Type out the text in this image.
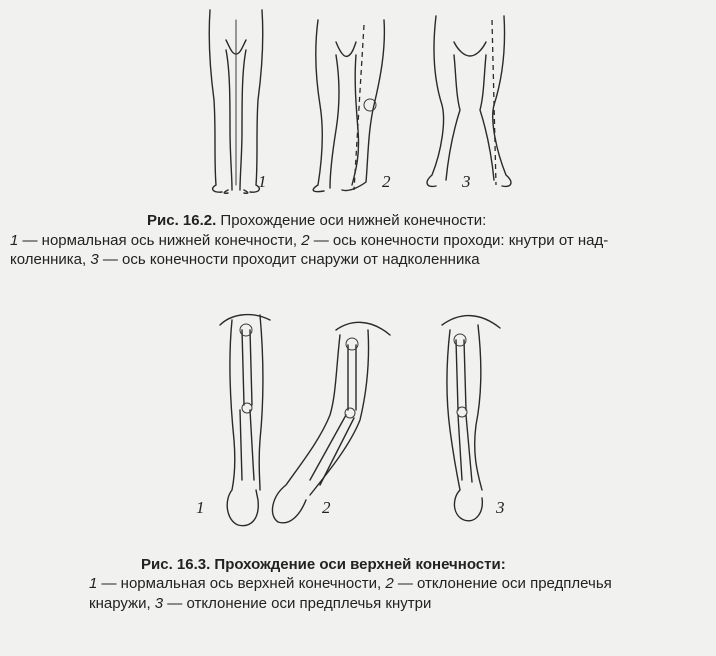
1	2	3
Рис. 16.2. Прохождение оси нижней конечности:
1 — нормальная ось нижней конечности, 2 — ось конечности проходи: кнутри от над-
коленника, 3 — ось конечности проходит снаружи от надколенника
1	2	3
Рис. 16.3. Прохождение оси верхней конечности:
1 — нормальная ось верхней конечности, 2 — отклонение оси предплечья
кнаружи, 3 — отклонение оси предплечья кнутри
